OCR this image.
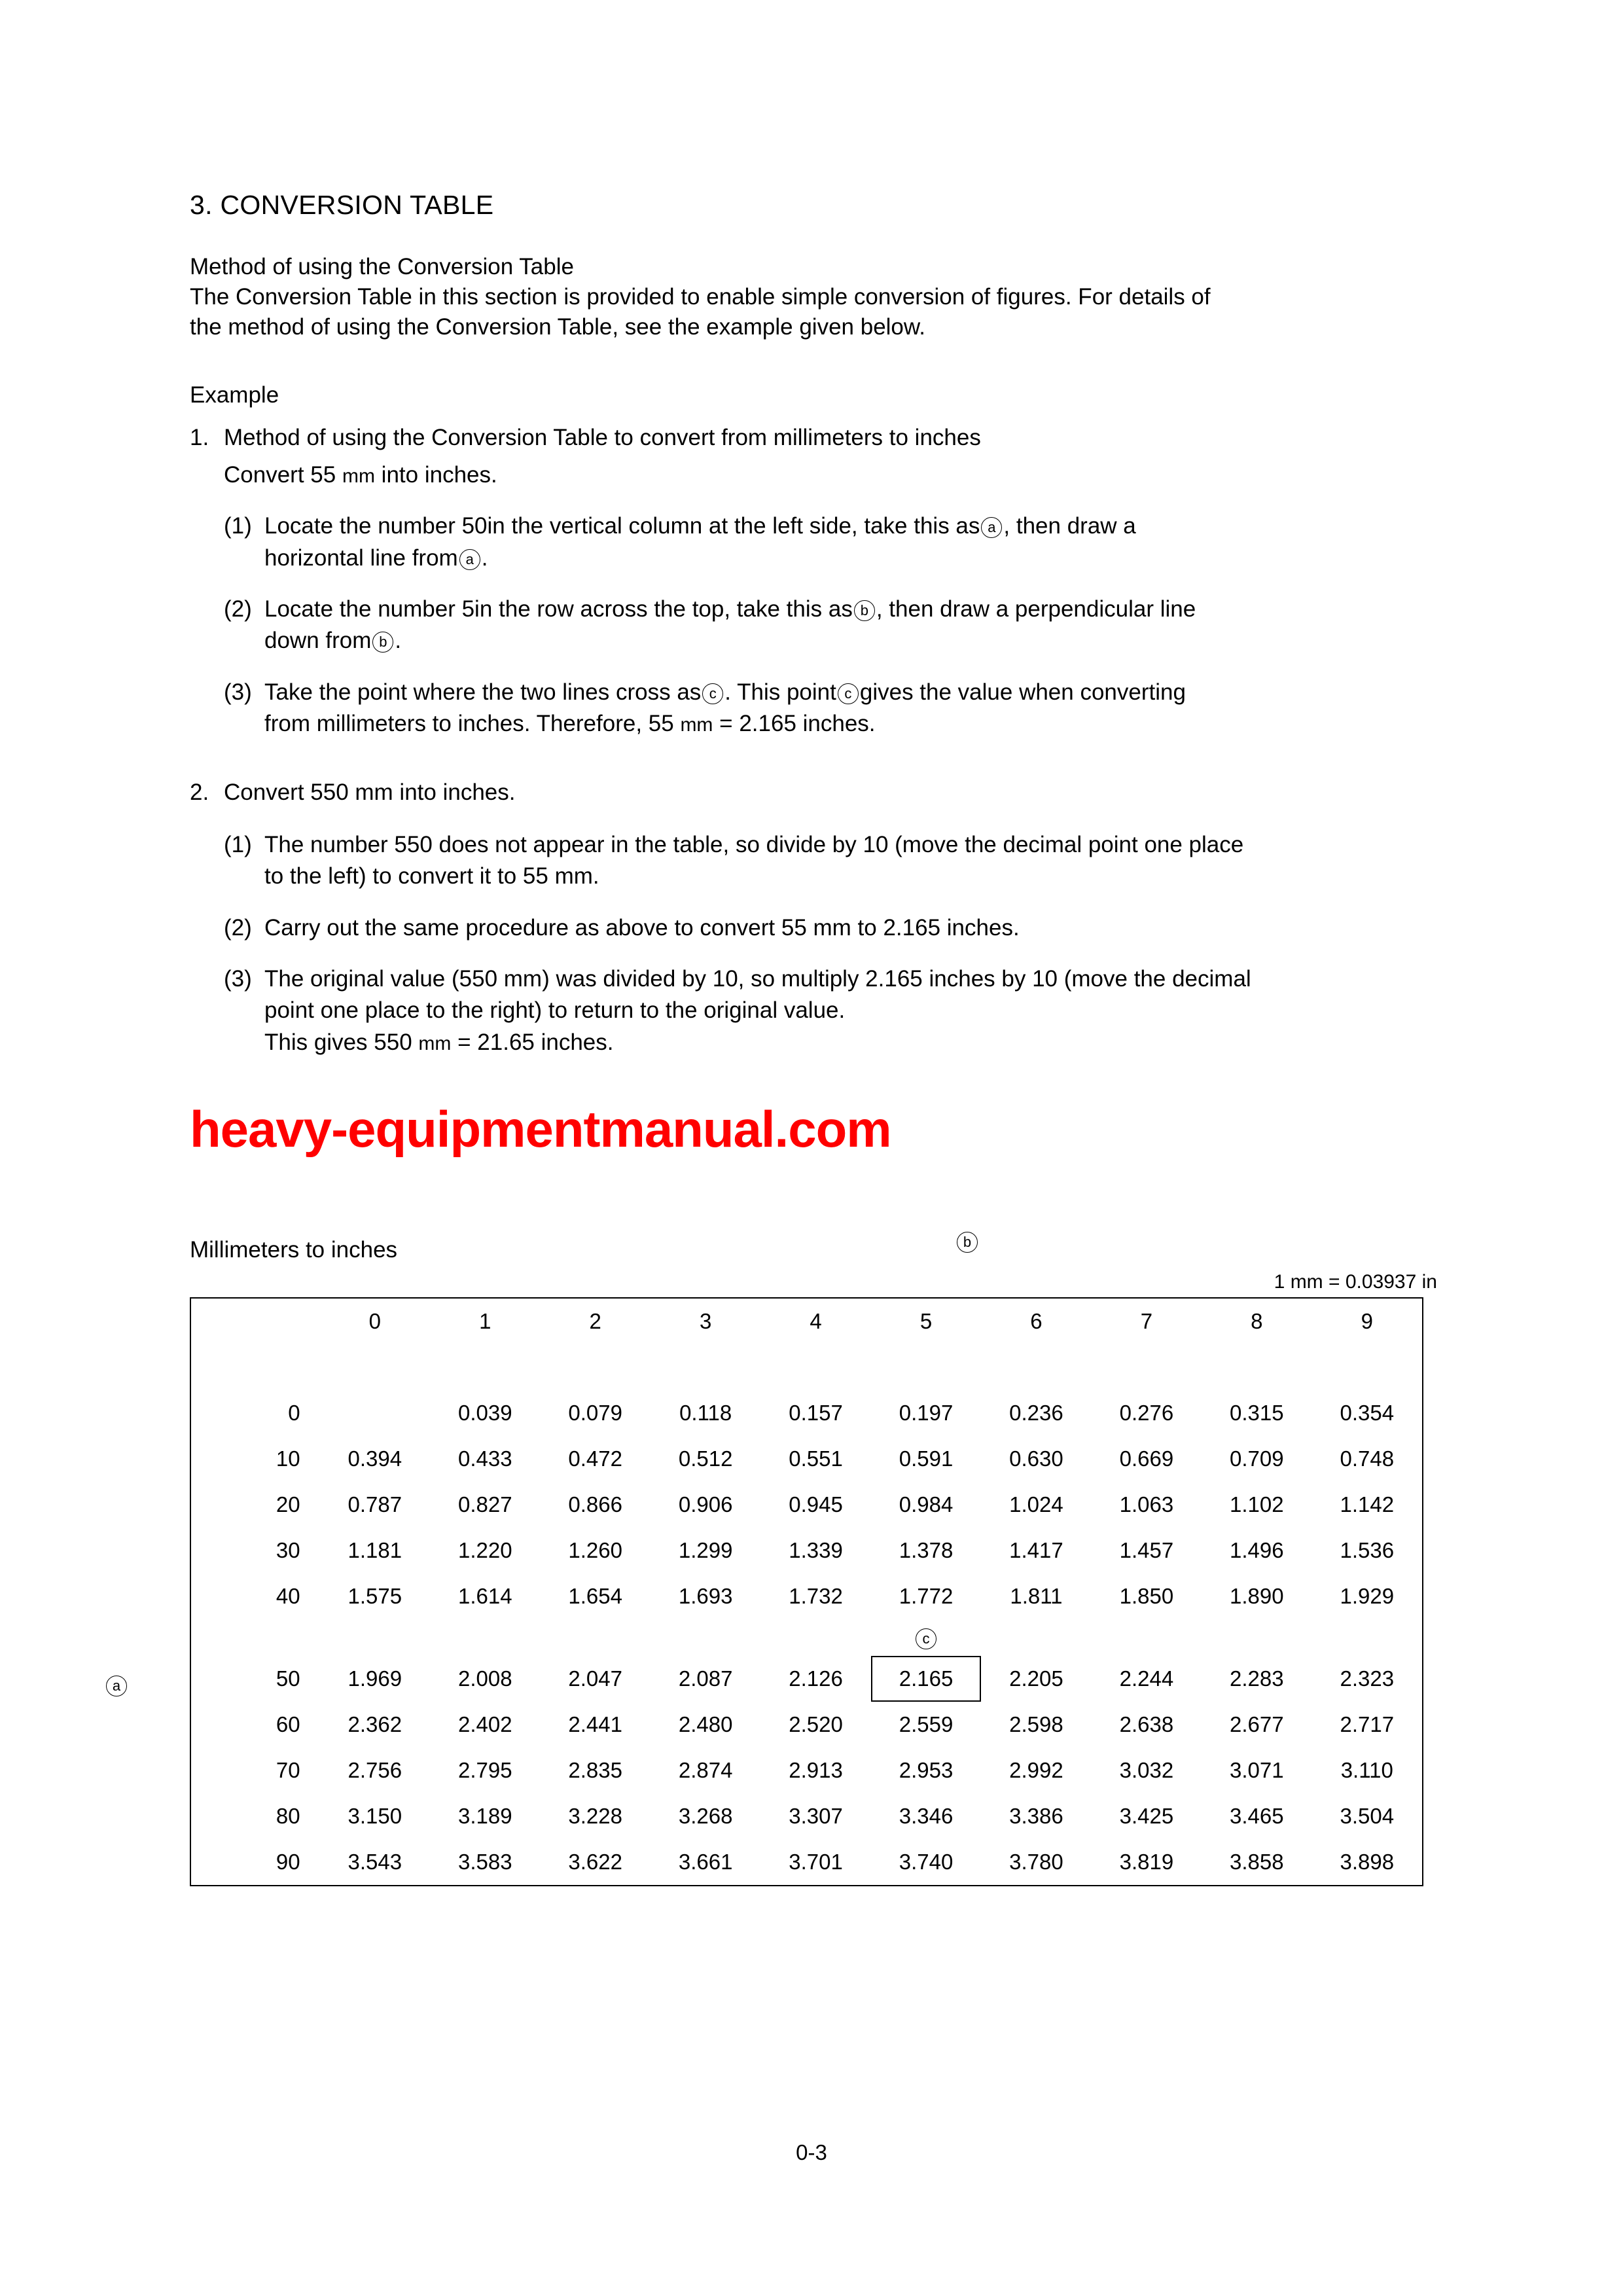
3. CONVERSION TABLE

Method of using the Conversion Table

The Conversion Table in this section is provided to enable simple conversion of figures. For details of

the method of using the Conversion Table, see the example given below.

Example
1. Method of using the Conversion Table to convert from millimeters to inches
Convert 55 mm into inches.
(1) Locate the number 50in the vertical column at the left side, take this as a , then draw a
horizontal line from a .
(2) Locate the number 5in the row across the top, take this as b , then draw a perpendicular line
down from b .
(3) Take the point where the two lines cross as c . This point c gives the value when converting
from millimeters to inches. Therefore, 55 mm = 2.165 inches.
2. Convert 550 mm into inches.
(1) The number 550 does not appear in the table, so divide by 10 (move the decimal point one place
to the left) to convert it to 55 mm.
(2) Carry out the same procedure as above to convert 55 mm to 2.165 inches.
(3) The original value (550 mm) was divided by 10, so multiply 2.165 inches by 10 (move the decimal
point one place to the right) to return to the original value.
This gives 550 mm = 21.65 inches.
heavy-equipmentmanual.com
Millimeters to inches	b
1 mm = 0.03937 in
a
	0	1	2	3	4	5	6	7	8	9

0		0.039	0.079	0.118	0.157	0.197	0.236	0.276	0.315	0.354
10	0.394	0.433	0.472	0.512	0.551	0.591	0.630	0.669	0.709	0.748
20	0.787	0.827	0.866	0.906	0.945	0.984	1.024	1.063	1.102	1.142
30	1.181	1.220	1.260	1.299	1.339	1.378	1.417	1.457	1.496	1.536
40	1.575	1.614	1.654	1.693	1.732	1.772	1.811	1.850	1.890	1.929
						c				
50	1.969	2.008	2.047	2.087	2.126	2.165	2.205	2.244	2.283	2.323
60	2.362	2.402	2.441	2.480	2.520	2.559	2.598	2.638	2.677	2.717
70	2.756	2.795	2.835	2.874	2.913	2.953	2.992	3.032	3.071	3.110
80	3.150	3.189	3.228	3.268	3.307	3.346	3.386	3.425	3.465	3.504
90	3.543	3.583	3.622	3.661	3.701	3.740	3.780	3.819	3.858	3.898
0-3
